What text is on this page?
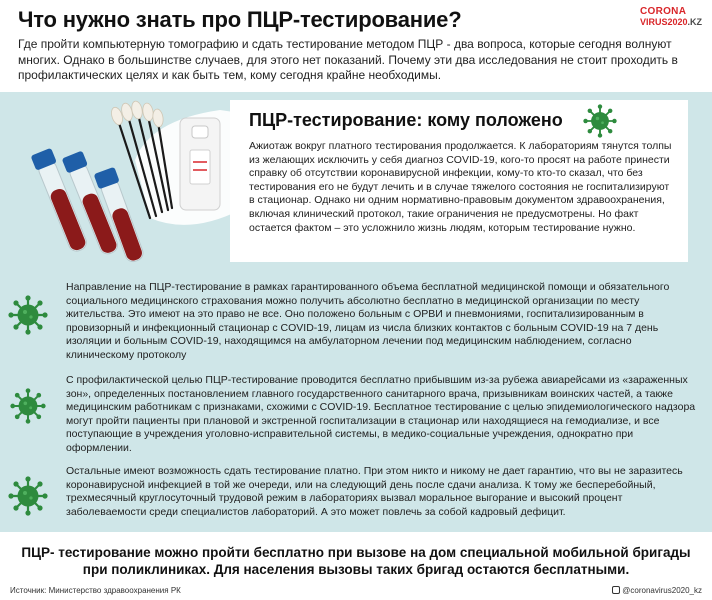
Что нужно знать про ПЦР-тестирование?	CORONA
VIRUS2020.KZ
Где пройти компьютерную томографию и сдать тестирование методом ПЦР - два вопроса, которые сегодня волнуют многих. Однако в большинстве случаев, для этого нет показаний. Почему эти два исследования не стоит проходить в профилактических целях и как быть тем, кому сегодня крайне необходимы.
ПЦР-тестирование: кому положено
Ажиотаж вокруг платного тестирования продолжается. К лабораториям тянутся толпы из желающих исключить у себя диагноз COVID-19, кого-то просят на работе принести справку об отсутствии коронавирусной инфекции, кому-то кто-то сказал, что без тестирования его не будут лечить и в случае тяжелого состояния не госпитализируют в стационар. Однако ни одним нормативно-правовым документом здравоохранения, включая клинический протокол, такие ограничения не предусмотрены. Но факт остается фактом – это усложнило жизнь людям, которым тестирование нужно.
Направление на ПЦР-тестирование в рамках гарантированного объема бесплатной медицинской помощи и обязательного социального медицинского страхования можно получить абсолютно бесплатно в медицинской организации по месту жительства. Это имеют на это право не все. Оно положено больным с ОРВИ и пневмониями, госпитализированным в провизорный и инфекционный стационар с COVID-19, лицам из числа близких контактов с больным COVID-19 на 7 день изоляции и больным COVID-19, находящимся на амбулаторном лечении под медицинским наблюдением, согласно клиническому протоколу
С профилактической целью ПЦР-тестирование проводится бесплатно прибывшим из-за рубежа авиарейсами из «зараженных зон», определенных постановлением главного государственного санитарного врача, призывникам воинских частей, а также медицинским работникам с признаками, схожими с COVID-19. Бесплатное тестирование с целью эпидемиологического надзора могут пройти пациенты при плановой и экстренной госпитализации в стационар или находящиеся на гемодиализе, и все поступающие в учреждения уголовно-исправительной системы, в медико-социальные учреждения, однократно при оформлении.
Остальные имеют возможность сдать тестирование платно. При этом никто и никому не дает гарантию, что вы не заразитесь коронавирусной инфекцией в той же очереди, или на следующий день после сдачи анализа. К тому же бесперебойный, трехмесячный круглосуточный трудовой режим в лабораториях вызвал моральное выгорание и высокий процент заболеваемости среди специалистов лабораторий. А это может повлечь за собой кадровый дефицит.
ПЦР- тестирование можно пройти бесплатно при вызове на дом специальной мобильной бригады при поликлиниках. Для населения вызовы таких бригад остаются бесплатными.
Источник: Министерство здравоохранения РК	@coronavirus2020_kz
